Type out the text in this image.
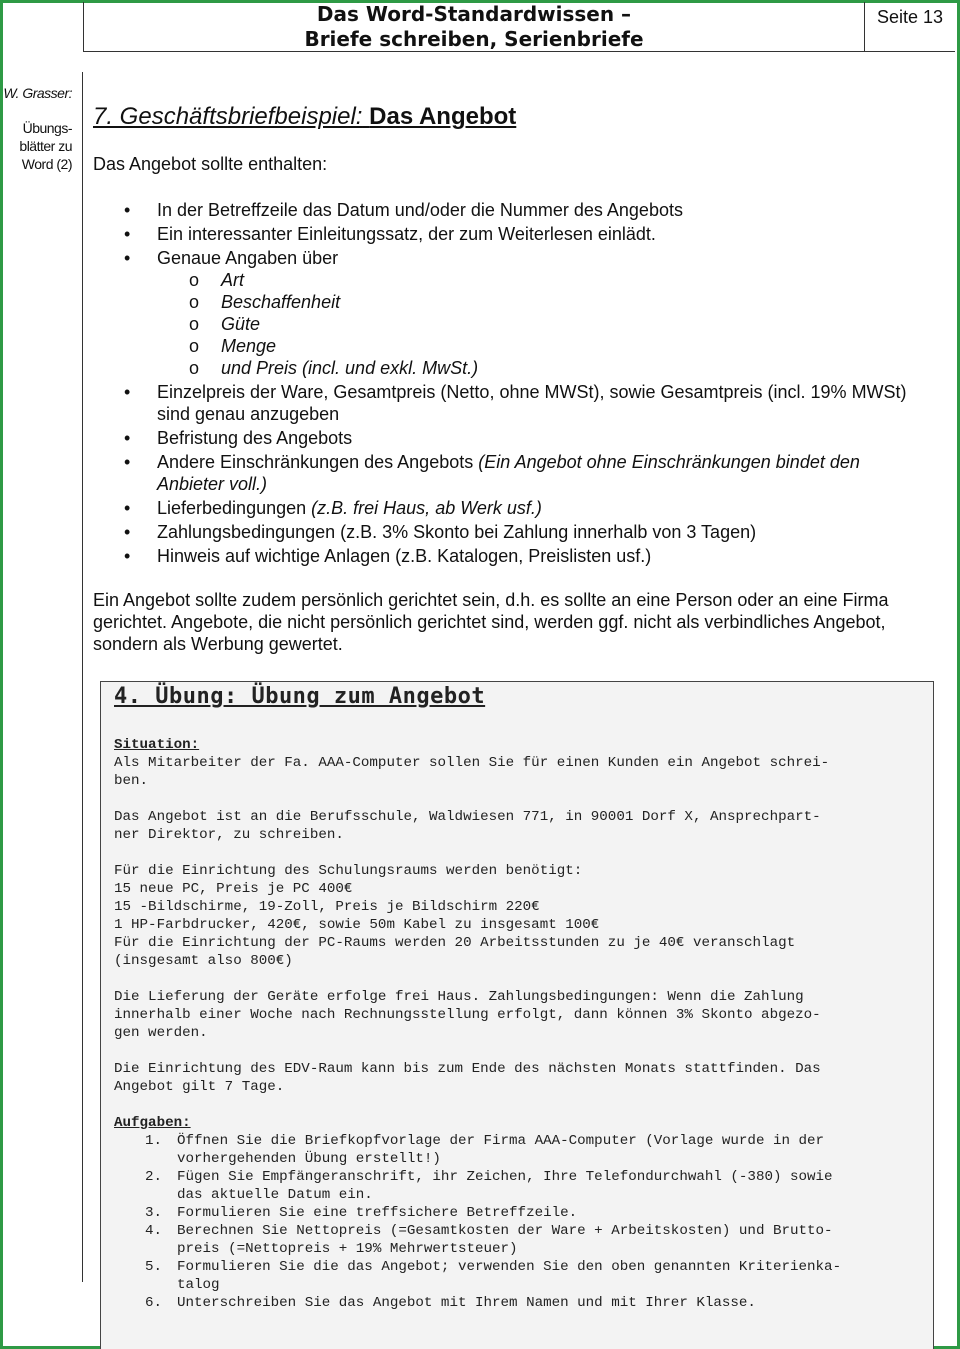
Das Word-Standardwissen –
Briefe schreiben, Serienbriefe
Seite 13
W. Grasser:
Übungs-
blätter zu
Word (2)
7. Geschäftsbriefbeispiel: Das Angebot
Das Angebot sollte enthalten:
• In der Betreffzeile das Datum und/oder die Nummer des Angebots
• Ein interessanter Einleitungssatz, der zum Weiterlesen einlädt.
• Genaue Angaben über
o Art
o Beschaffenheit
o Güte
o Menge
o und Preis (incl. und exkl. MwSt.)
• Einzelpreis der Ware, Gesamtpreis (Netto, ohne MWSt), sowie Gesamtpreis (incl. 19% MWSt) sind genau anzugeben
• Befristung des Angebots
• Andere Einschränkungen des Angebots (Ein Angebot ohne Einschränkungen bindet den Anbieter voll.)
• Lieferbedingungen (z.B. frei Haus, ab Werk usf.)
• Zahlungsbedingungen (z.B. 3% Skonto bei Zahlung innerhalb von 3 Tagen)
• Hinweis auf wichtige Anlagen (z.B. Katalogen, Preislisten usf.)
Ein Angebot sollte zudem persönlich gerichtet sein, d.h. es sollte an eine Person oder an eine Firma gerichtet. Angebote, die nicht persönlich gerichtet sind, werden ggf. nicht als verbindliches Angebot, sondern als Werbung gewertet.
4. Übung: Übung zum Angebot
Situation:
Als Mitarbeiter der Fa. AAA-Computer sollen Sie für einen Kunden ein Angebot schrei-
ben.
Das Angebot ist an die Berufsschule, Waldwiesen 771, in 90001 Dorf X, Ansprechpart-
ner Direktor, zu schreiben.
Für die Einrichtung des Schulungsraums werden benötigt:
15 neue PC, Preis je PC 400€
15 -Bildschirme, 19-Zoll, Preis je Bildschirm 220€
1 HP-Farbdrucker, 420€, sowie 50m Kabel zu insgesamt 100€
Für die Einrichtung der PC-Raums werden 20 Arbeitsstunden zu je 40€ veranschlagt
(insgesamt also 800€)
Die Lieferung der Geräte erfolge frei Haus. Zahlungsbedingungen: Wenn die Zahlung
innerhalb einer Woche nach Rechnungsstellung erfolgt, dann können 3% Skonto abgezo-
gen werden.
Die Einrichtung des EDV-Raum kann bis zum Ende des nächsten Monats stattfinden. Das
Angebot gilt 7 Tage.
Aufgaben:
1. Öffnen Sie die Briefkopfvorlage der Firma AAA-Computer (Vorlage wurde in der
vorhergehenden Übung erstellt!)
2. Fügen Sie Empfängeranschrift, ihr Zeichen, Ihre Telefondurchwahl (-380) sowie
das aktuelle Datum ein.
3. Formulieren Sie eine treffsichere Betreffzeile.
4. Berechnen Sie Nettopreis (=Gesamtkosten der Ware + Arbeitskosten) und Brutto-
preis (=Nettopreis + 19% Mehrwertsteuer)
5. Formulieren Sie die das Angebot; verwenden Sie den oben genannten Kriterienka-
talog
6. Unterschreiben Sie das Angebot mit Ihrem Namen und mit Ihrer Klasse.
